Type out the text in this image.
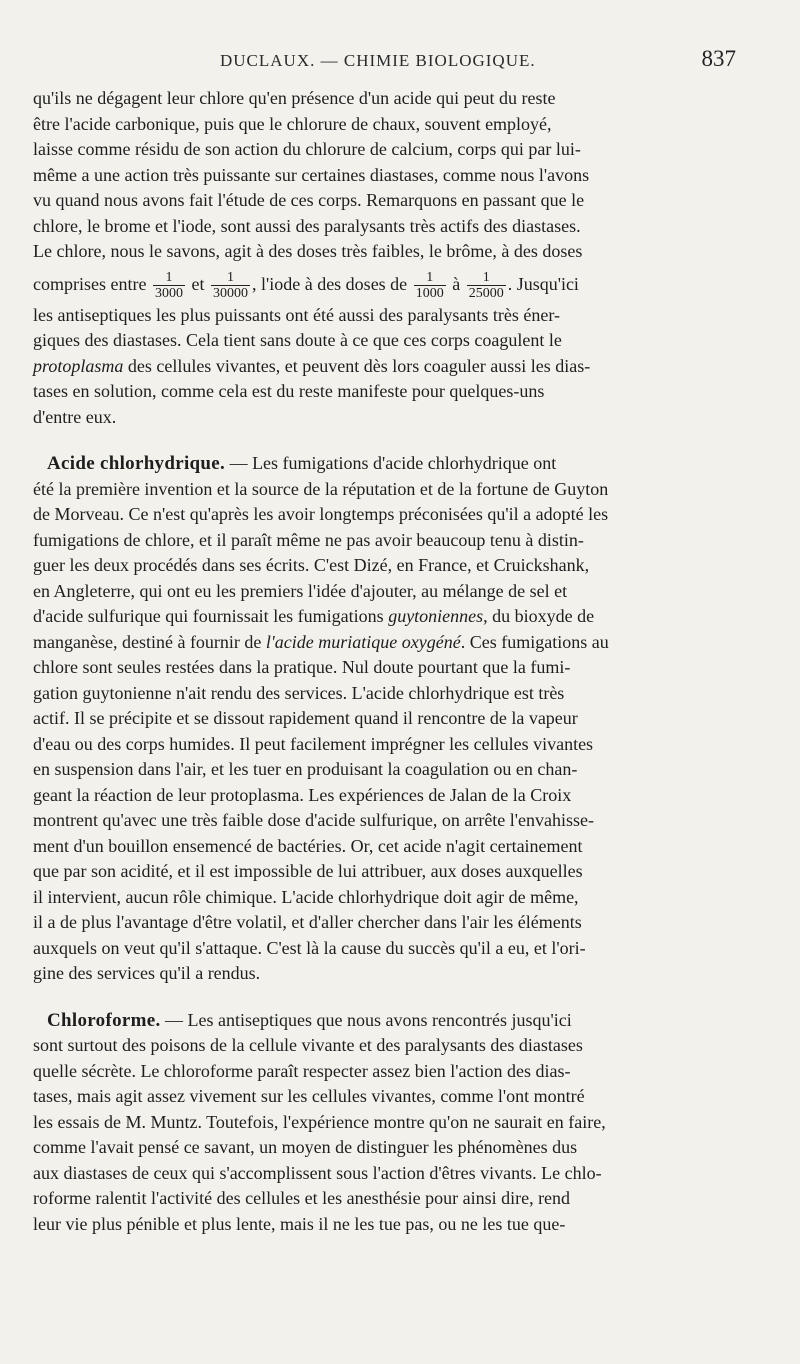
DUCLAUX. — CHIMIE BIOLOGIQUE.	837

qu'ils ne dégagent leur chlore qu'en présence d'un acide qui peut du reste

être l'acide carbonique, puis que le chlorure de chaux, souvent employé,

laisse comme résidu de son action du chlorure de calcium, corps qui par lui-

même a une action très puissante sur certaines diastases, comme nous l'avons

vu quand nous avons fait l'étude de ces corps. Remarquons en passant que le

chlore, le brome et l'iode, sont aussi des paralysants très actifs des diastases.

Le chlore, nous le savons, agit à des doses très faibles, le brôme, à des doses

comprises entre $\frac{1}{3000}$ et $\frac{1}{30000}$ , l'iode à des doses de $\frac{1}{1000}$ à $\frac{1}{25000}$ . Jusqu'ici

les antiseptiques les plus puissants ont été aussi des paralysants très éner-

giques des diastases. Cela tient sans doute à ce que ces corps coagulent le

protoplasma des cellules vivantes, et peuvent dès lors coaguler aussi les dias-

tases en solution, comme cela est du reste manifeste pour quelques-uns

d'entre eux.

Acide chlorhydrique. — Les fumigations d'acide chlorhydrique ont

été la première invention et la source de la réputation et de la fortune de Guyton

de Morveau. Ce n'est qu'après les avoir longtemps préconisées qu'il a adopté les

fumigations de chlore, et il paraît même ne pas avoir beaucoup tenu à distin-

guer les deux procédés dans ses écrits. C'est Dizé, en France, et Cruickshank,

en Angleterre, qui ont eu les premiers l'idée d'ajouter, au mélange de sel et

d'acide sulfurique qui fournissait les fumigations guytoniennes, du bioxyde de

manganèse, destiné à fournir de l'acide muriatique oxygéné. Ces fumigations au

chlore sont seules restées dans la pratique. Nul doute pourtant que la fumi-

gation guytonienne n'ait rendu des services. L'acide chlorhydrique est très

actif. Il se précipite et se dissout rapidement quand il rencontre de la vapeur

d'eau ou des corps humides. Il peut facilement imprégner les cellules vivantes

en suspension dans l'air, et les tuer en produisant la coagulation ou en chan-

geant la réaction de leur protoplasma. Les expériences de Jalan de la Croix

montrent qu'avec une très faible dose d'acide sulfurique, on arrête l'envahisse-

ment d'un bouillon ensemencé de bactéries. Or, cet acide n'agit certainement

que par son acidité, et il est impossible de lui attribuer, aux doses auxquelles

il intervient, aucun rôle chimique. L'acide chlorhydrique doit agir de même,

il a de plus l'avantage d'être volatil, et d'aller chercher dans l'air les éléments

auxquels on veut qu'il s'attaque. C'est là la cause du succès qu'il a eu, et l'ori-

gine des services qu'il a rendus.

Chloroforme. — Les antiseptiques que nous avons rencontrés jusqu'ici

sont surtout des poisons de la cellule vivante et des paralysants des diastases

quelle sécrète. Le chloroforme paraît respecter assez bien l'action des dias-

tases, mais agit assez vivement sur les cellules vivantes, comme l'ont montré

les essais de M. Muntz. Toutefois, l'expérience montre qu'on ne saurait en faire,

comme l'avait pensé ce savant, un moyen de distinguer les phénomènes dus

aux diastases de ceux qui s'accomplissent sous l'action d'êtres vivants. Le chlo-

roforme ralentit l'activité des cellules et les anesthésie pour ainsi dire, rend

leur vie plus pénible et plus lente, mais il ne les tue pas, ou ne les tue que-
